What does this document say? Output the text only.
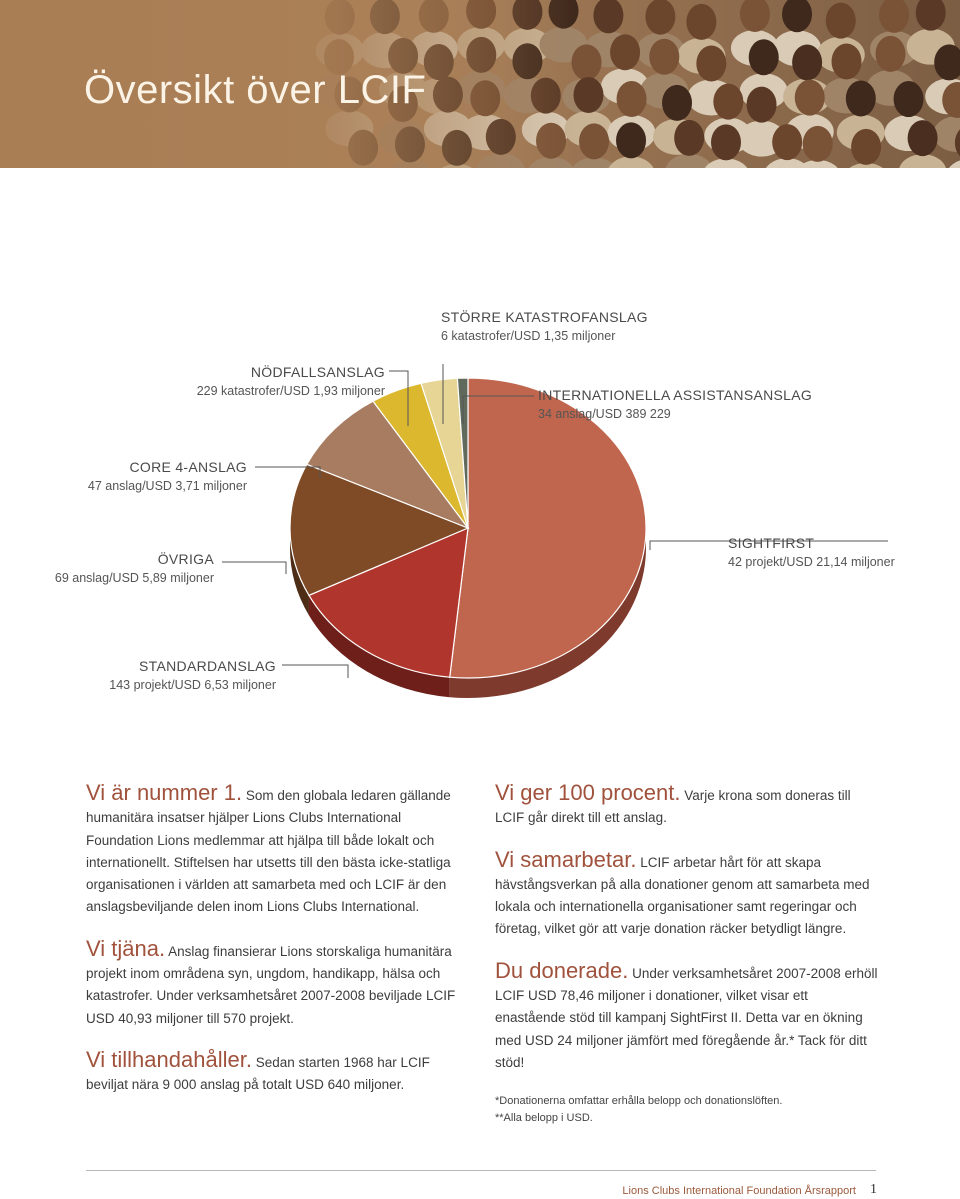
Översikt över LCIF
SIGHTFIRST
42 projekt/USD 21,14 miljoner
STANDARDANSLAG
143 projekt/USD 6,53 miljoner
ÖVRIGA
69 anslag/USD 5,89 miljoner
CORE 4-ANSLAG
47 anslag/USD 3,71 miljoner
NÖDFALLSANSLAG
229 katastrofer/USD 1,93 miljoner
STÖRRE KATASTROFANSLAG
6 katastrofer/USD 1,35 miljoner
INTERNATIONELLA ASSISTANSANSLAG
34 anslag/USD 389 229

Vi är nummer 1. Som den globala ledaren gällande humanitära insatser hjälper Lions Clubs International Foundation Lions medlemmar att hjälpa till både lokalt och internationellt. Stiftelsen har utsetts till den bästa icke-statliga organisationen i världen att samarbeta med och LCIF är den anslagsbeviljande delen inom Lions Clubs International.

Vi tjäna. Anslag finansierar Lions storskaliga humanitära projekt inom områdena syn, ungdom, handikapp, hälsa och katastrofer. Under verksamhetsåret 2007-2008 beviljade LCIF USD 40,93 miljoner till 570 projekt.

Vi tillhandahåller. Sedan starten 1968 har LCIF beviljat nära 9 000 anslag på totalt USD 640 miljoner.

Vi ger 100 procent. Varje krona som doneras till LCIF går direkt till ett anslag.

Vi samarbetar. LCIF arbetar hårt för att skapa hävstångsverkan på alla donationer genom att samarbeta med lokala och internationella organisationer samt regeringar och företag, vilket gör att varje donation räcker betydligt längre.

Du donerade. Under verksamhetsåret 2007-2008 erhöll LCIF USD 78,46 miljoner i donationer, vilket visar ett enastående stöd till kampanj SightFirst II. Detta var en ökning med USD 24 miljoner jämfört med föregående år.* Tack för ditt stöd!

*Donationerna omfattar erhålla belopp och donationslöften.
**Alla belopp i USD.
Lions Clubs International Foundation Årsrapport 1
